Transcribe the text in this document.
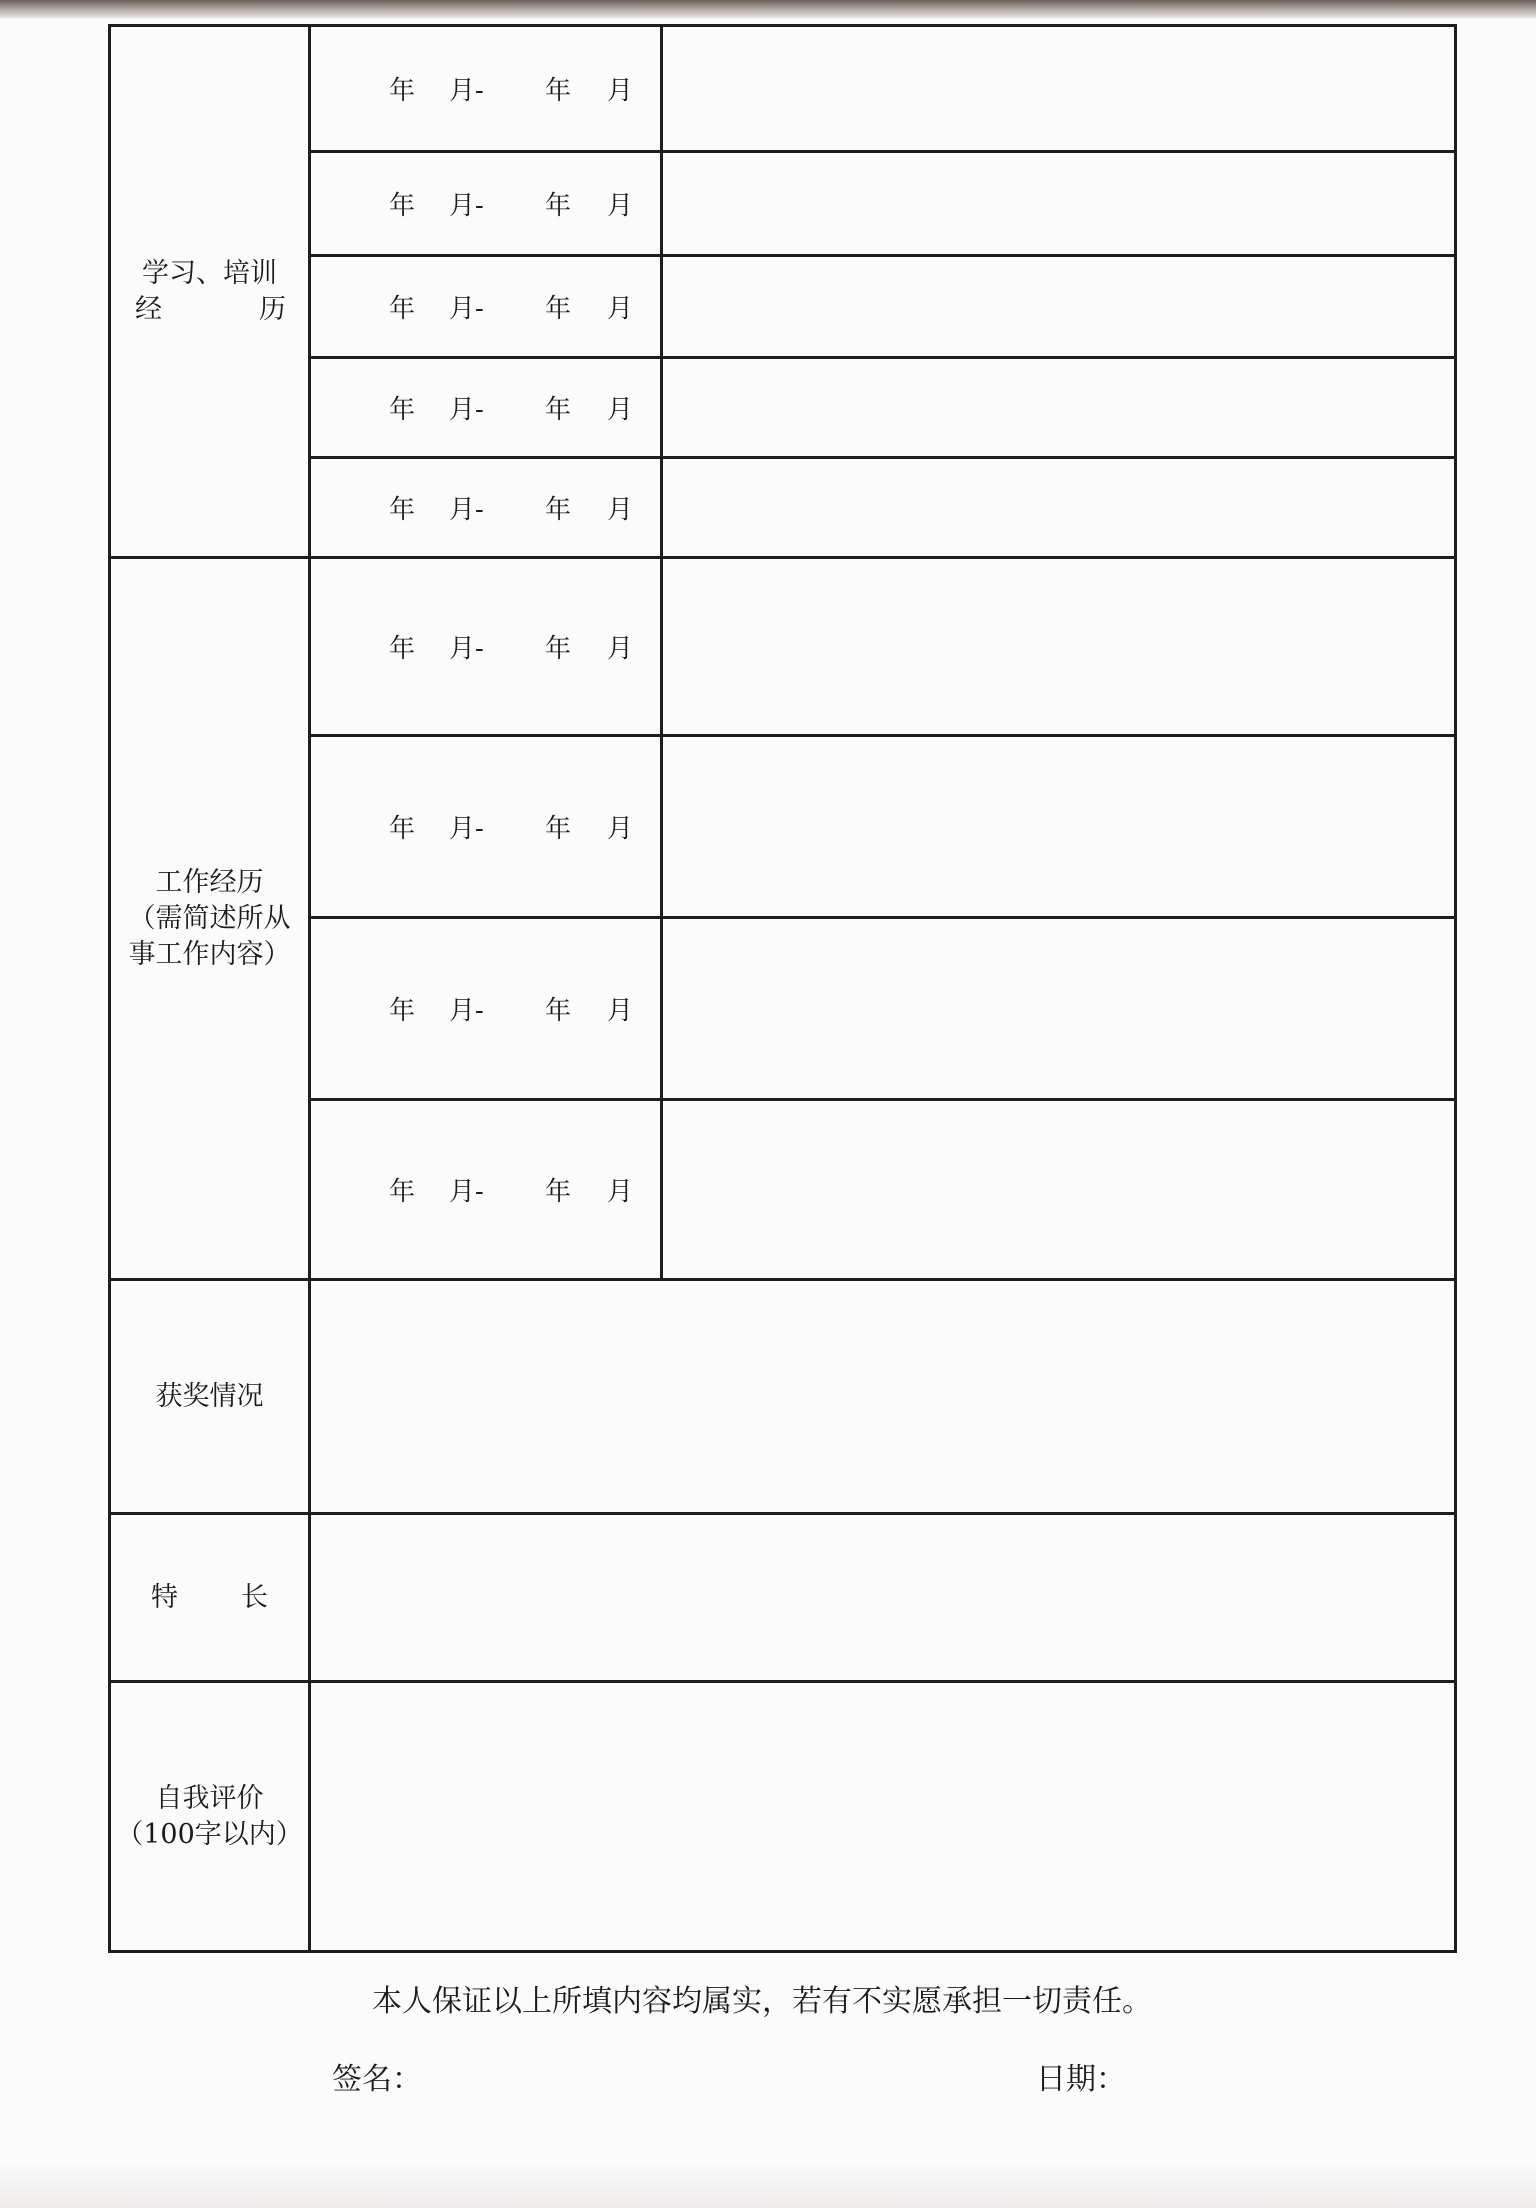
学习、培训
经 历	年 月- 年 月	

	年 月- 年 月	

	年 月- 年 月	

	年 月- 年 月	

	年 月- 年 月	

工作经历
（需简述所从
事工作内容）	年 月- 年 月	

	年 月- 年 月	

	年 月- 年 月	

	年 月- 年 月	

获奖情况		

特 长		

自我评价
（100字以内）		

本人保证以上所填内容均属实，若有不实愿承担一切责任。
签名：	日期：
